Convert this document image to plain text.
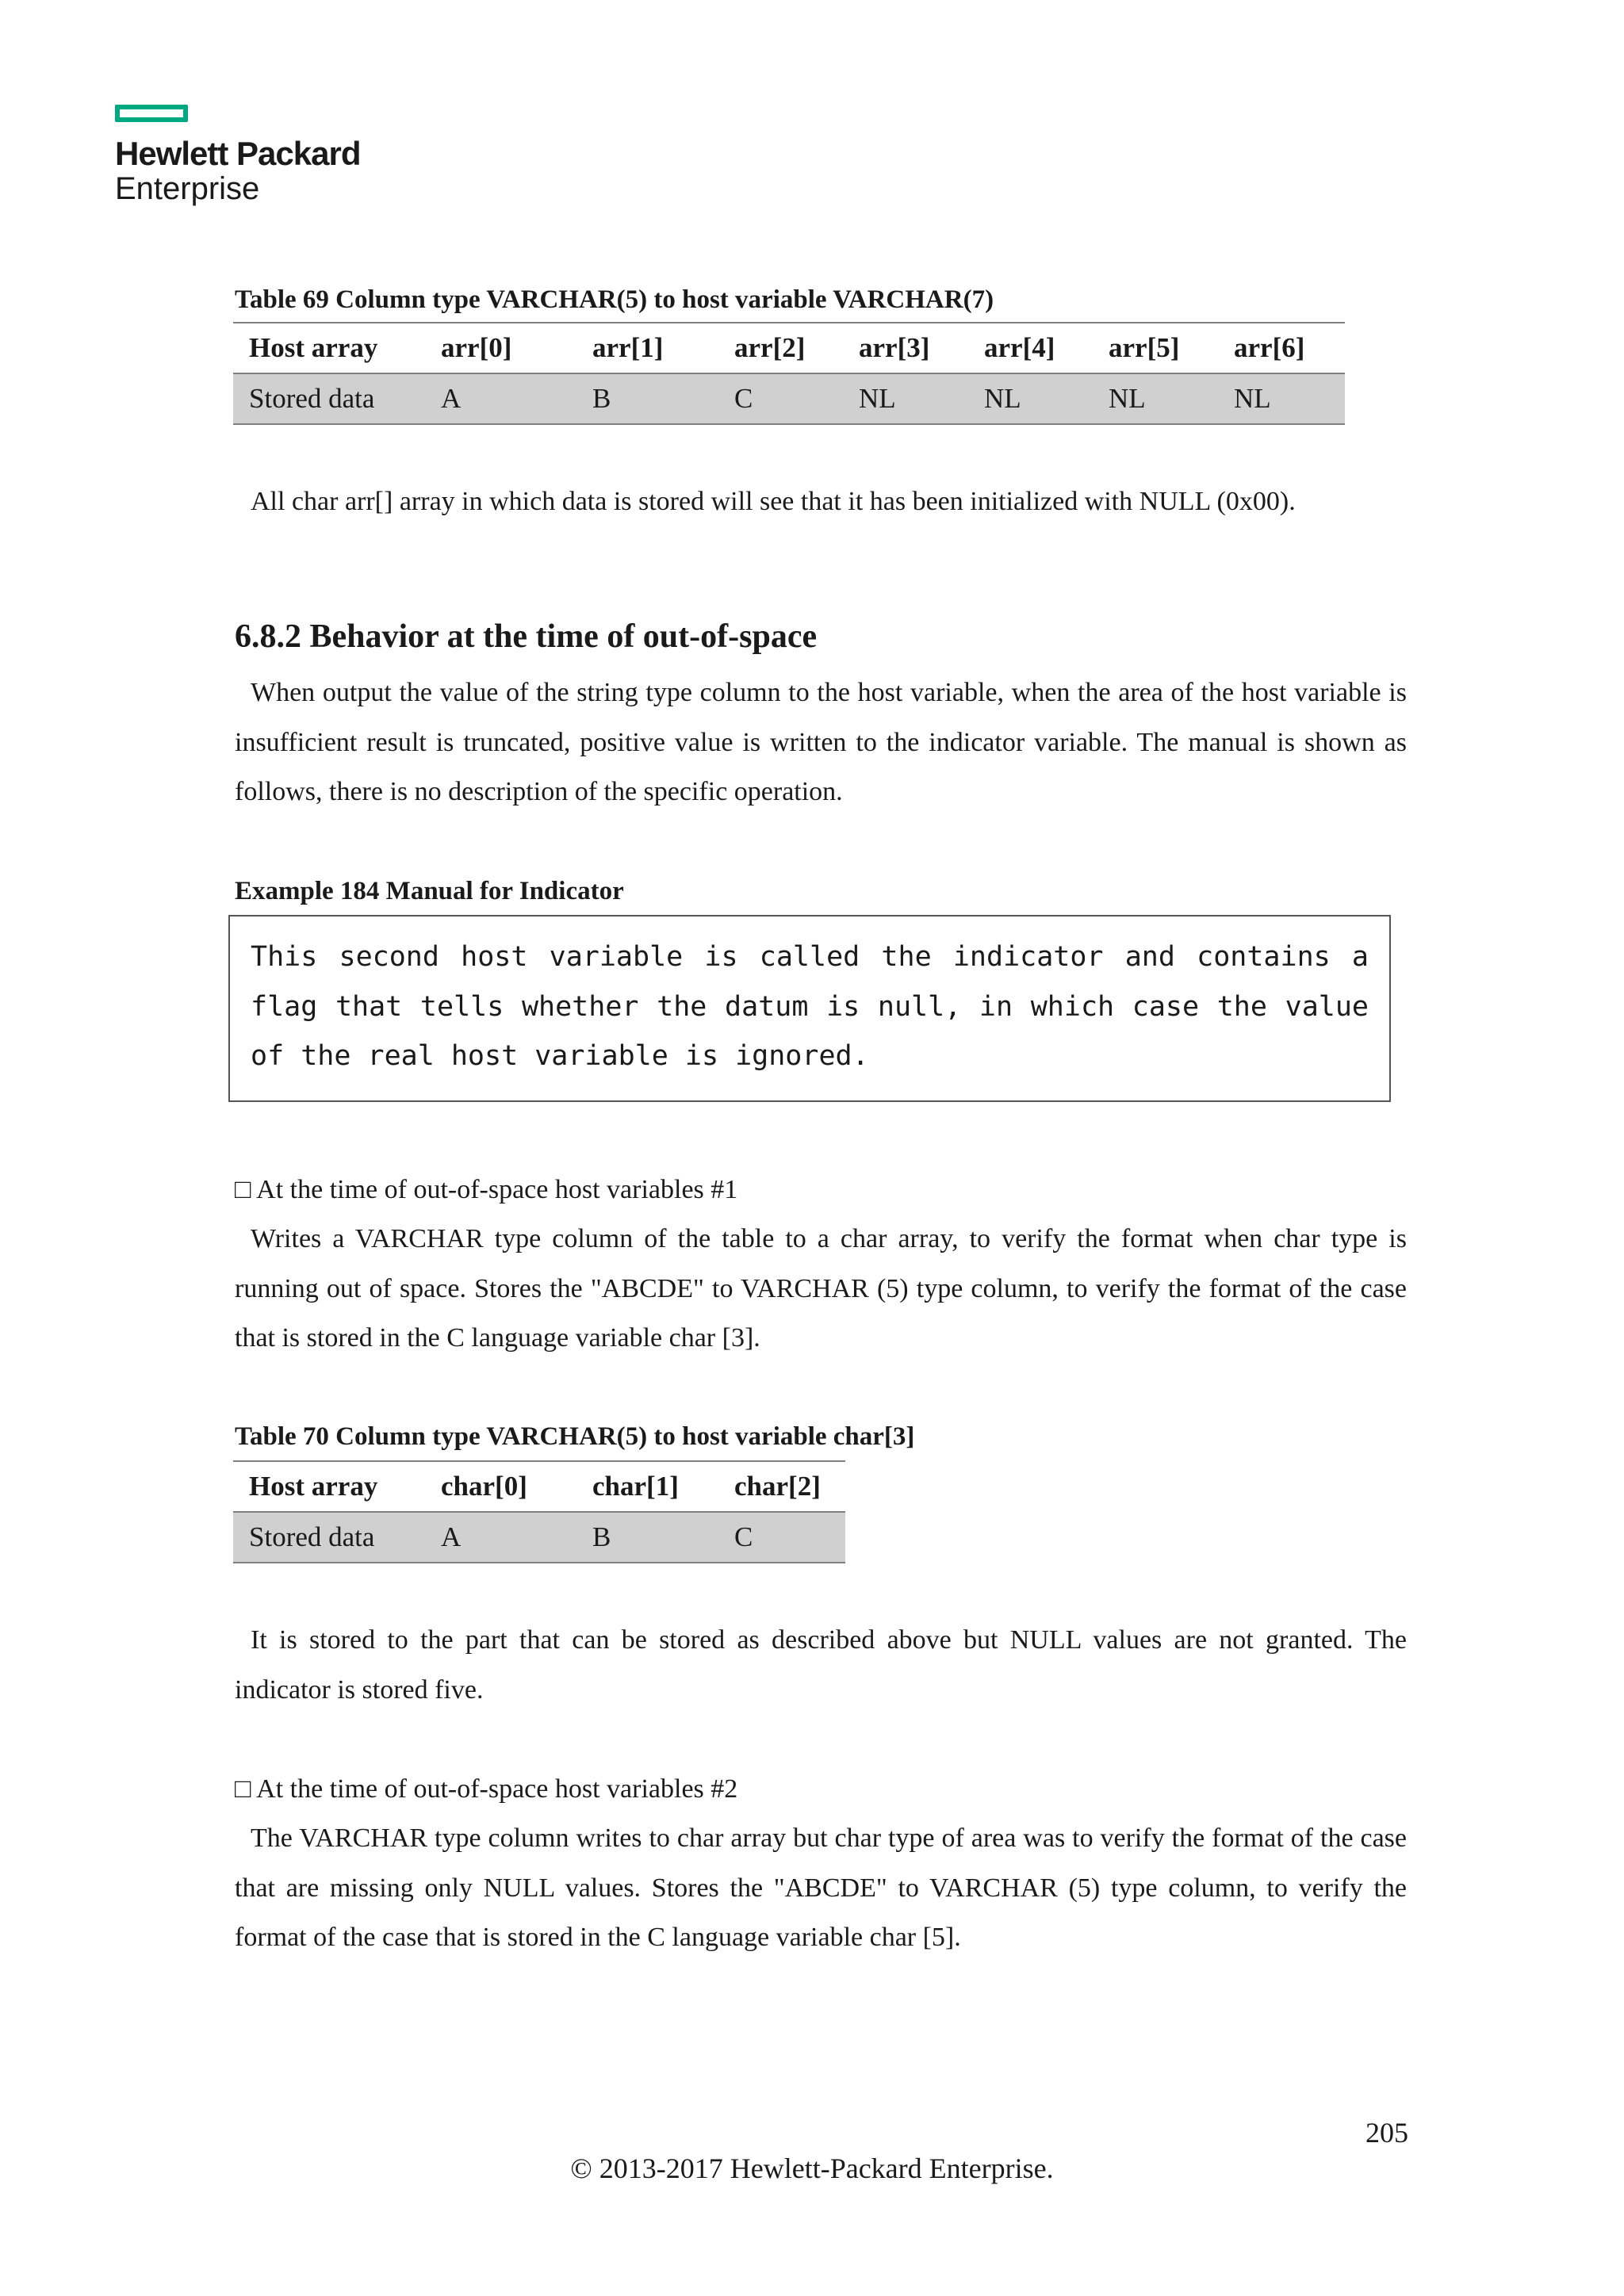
Hewlett Packard
Enterprise
Table 69 Column type VARCHAR(5) to host variable VARCHAR(7)
Host array	arr[0]	arr[1]	arr[2]	arr[3]	arr[4]	arr[5]	arr[6]
Stored data	A	B	C	NL	NL	NL	NL
All char arr[] array in which data is stored will see that it has been initialized with NULL (0x00).
6.8.2 Behavior at the time of out-of-space
When output the value of the string type column to the host variable, when the area of the host variable is insufficient result is truncated, positive value is written to the indicator variable. The manual is shown as follows, there is no description of the specific operation.
Example 184 Manual for Indicator
This second host variable is called the indicator and contains a flag that tells whether the datum is null, in which case the value of the real host variable is ignored.
□ At the time of out-of-space host variables #1
Writes a VARCHAR type column of the table to a char array, to verify the format when char type is running out of space. Stores the "ABCDE" to VARCHAR (5) type column, to verify the format of the case that is stored in the C language variable char [3].
Table 70 Column type VARCHAR(5) to host variable char[3]
Host array	char[0]	char[1]	char[2]
Stored data	A	B	C
It is stored to the part that can be stored as described above but NULL values are not granted. The indicator is stored five.
□ At the time of out-of-space host variables #2
The VARCHAR type column writes to char array but char type of area was to verify the format of the case that are missing only NULL values. Stores the "ABCDE" to VARCHAR (5) type column, to verify the format of the case that is stored in the C language variable char [5].
205
© 2013-2017 Hewlett-Packard Enterprise.
